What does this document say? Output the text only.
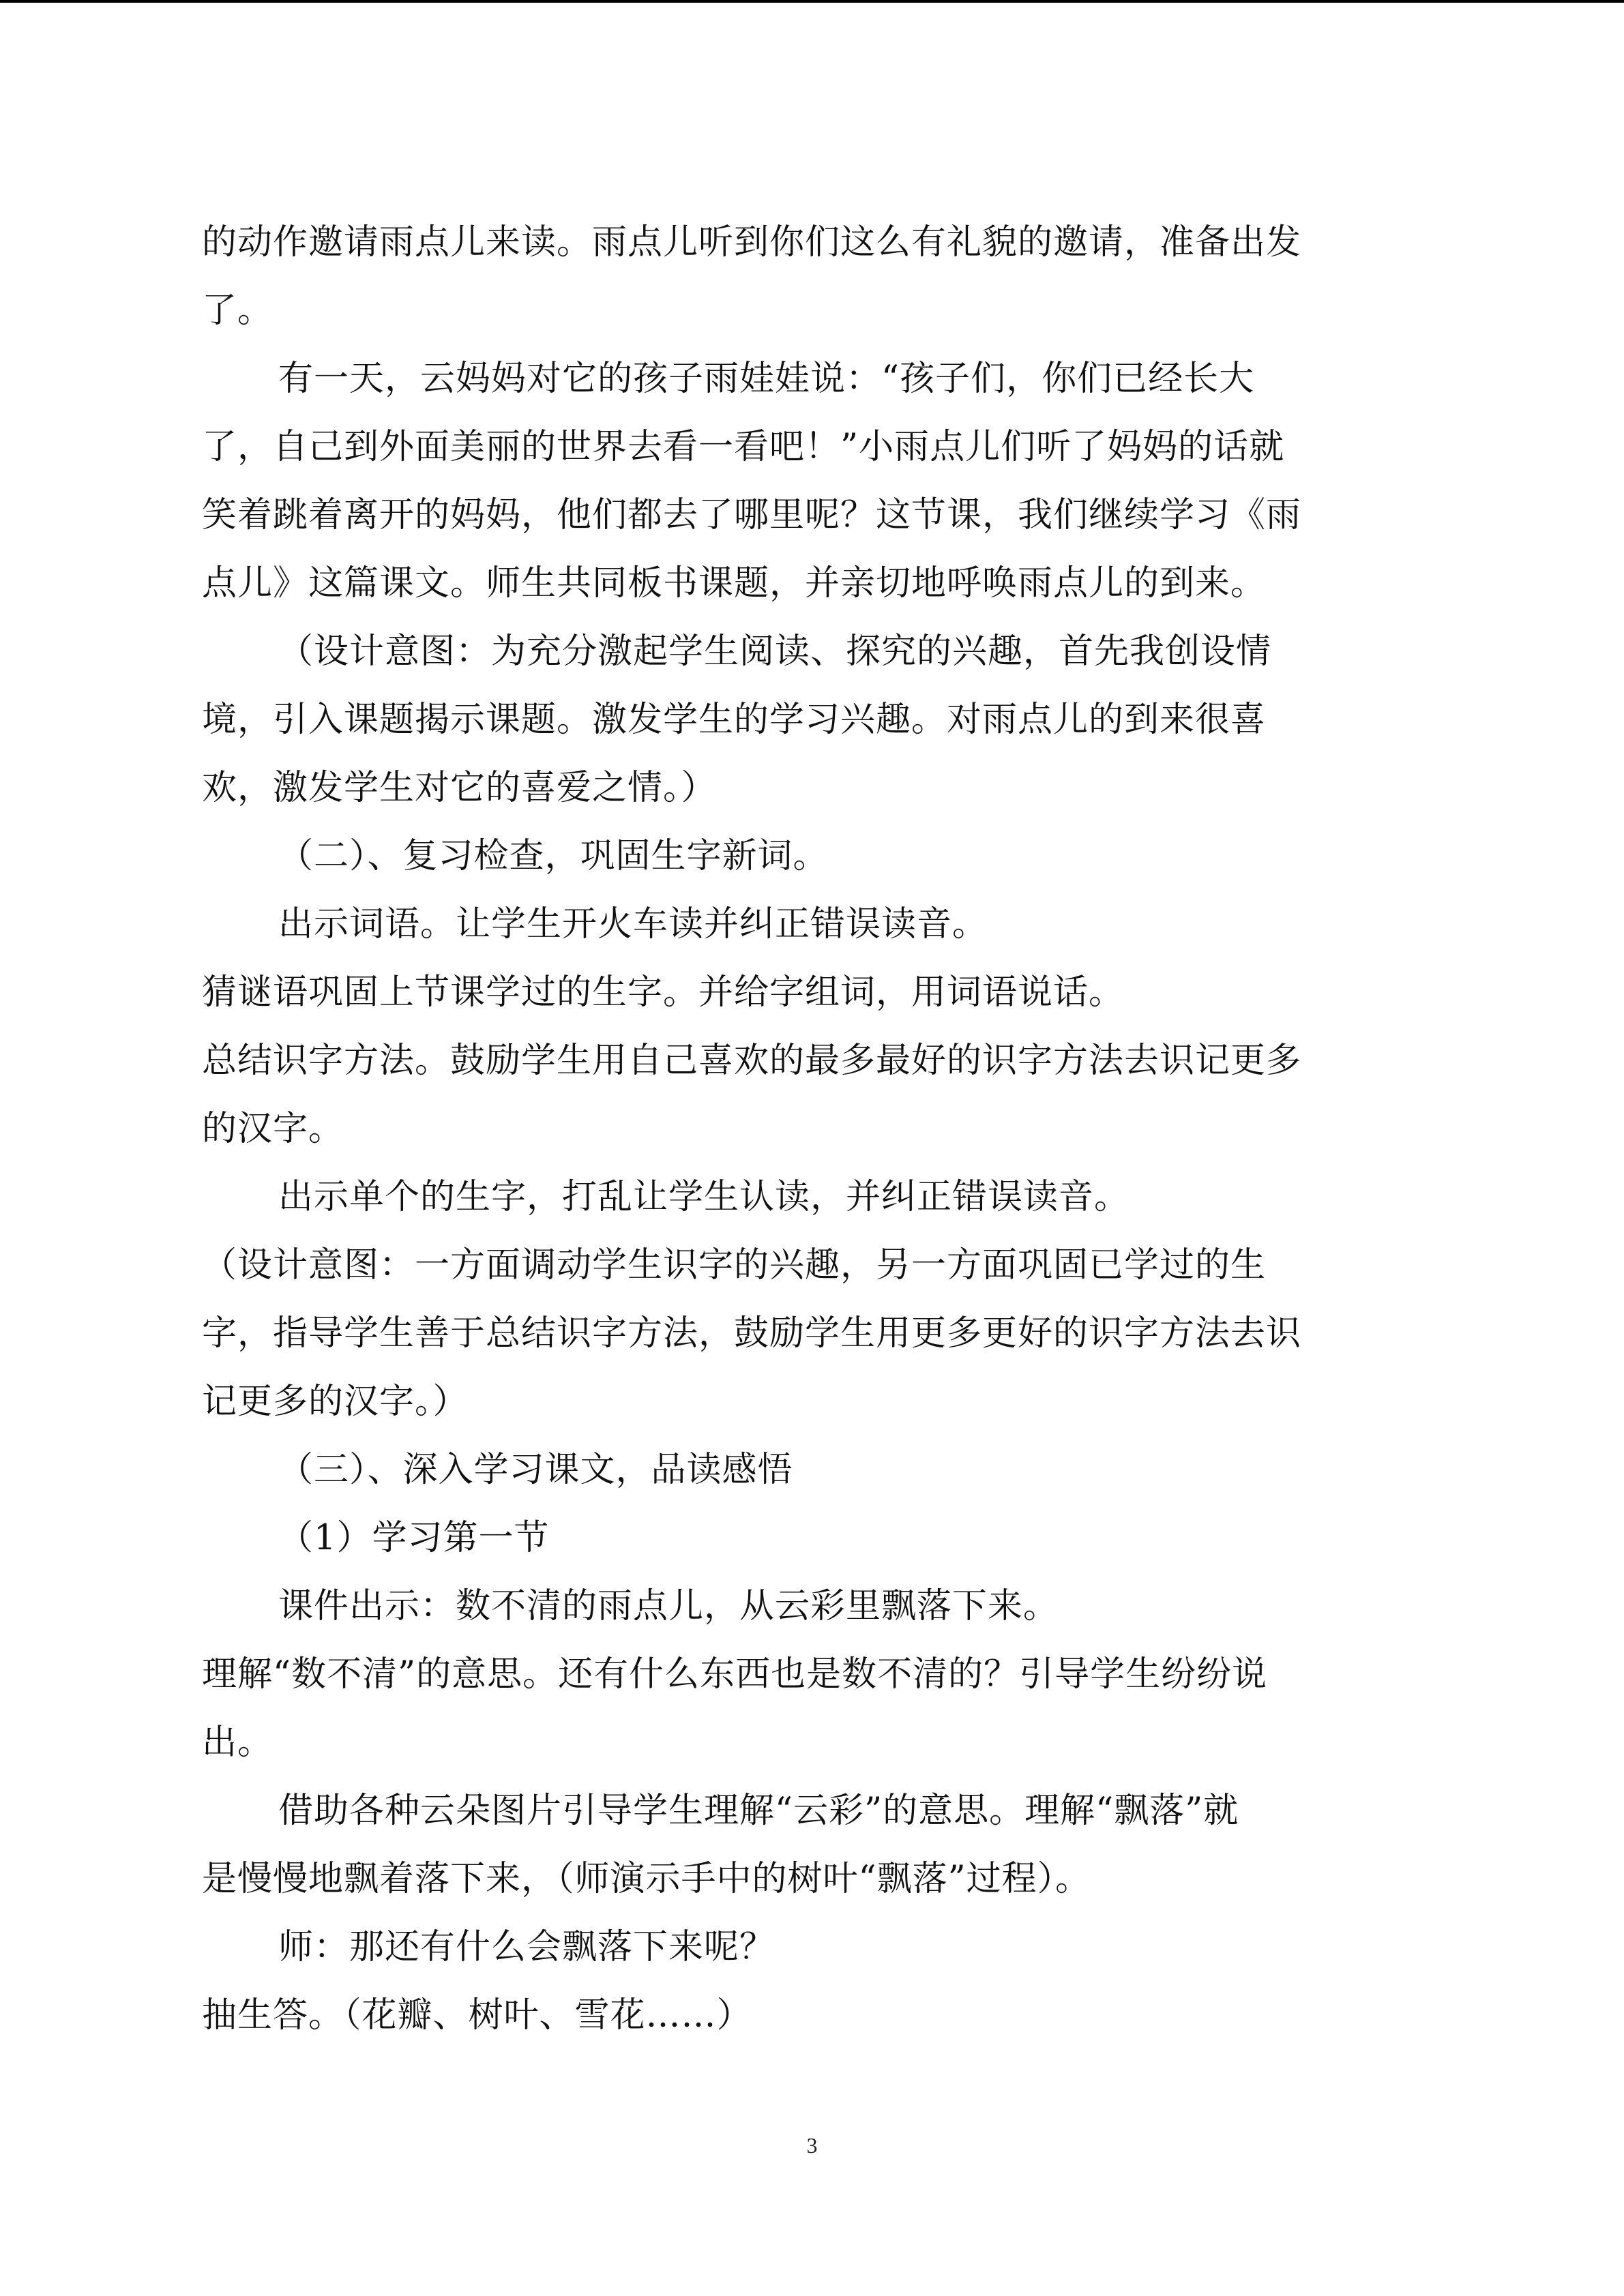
的动作邀请雨点儿来读。雨点儿听到你们这么有礼貌的邀请，准备出发
了。
有一天，云妈妈对它的孩子雨娃娃说：“孩子们，你们已经长大
了，自己到外面美丽的世界去看一看吧！”小雨点儿们听了妈妈的话就
笑着跳着离开的妈妈，他们都去了哪里呢？这节课，我们继续学习《雨
点儿》这篇课文。师生共同板书课题，并亲切地呼唤雨点儿的到来。
（设计意图：为充分激起学生阅读、探究的兴趣，首先我创设情
境，引入课题揭示课题。激发学生的学习兴趣。对雨点儿的到来很喜
欢，激发学生对它的喜爱之情。）
（二）、复习检查，巩固生字新词。
出示词语。让学生开火车读并纠正错误读音。
猜谜语巩固上节课学过的生字。并给字组词，用词语说话。
总结识字方法。鼓励学生用自己喜欢的最多最好的识字方法去识记更多
的汉字。
出示单个的生字，打乱让学生认读，并纠正错误读音。
（设计意图：一方面调动学生识字的兴趣，另一方面巩固已学过的生
字，指导学生善于总结识字方法，鼓励学生用更多更好的识字方法去识
记更多的汉字。）
（三）、深入学习课文，品读感悟
（1）学习第一节
课件出示：数不清的雨点儿，从云彩里飘落下来。
理解“数不清”的意思。还有什么东西也是数不清的？引导学生纷纷说
出。
借助各种云朵图片引导学生理解“云彩”的意思。理解“飘落”就
是慢慢地飘着落下来，（师演示手中的树叶“飘落”过程）。
师：那还有什么会飘落下来呢？
抽生答。（花瓣、树叶、雪花……）
3
